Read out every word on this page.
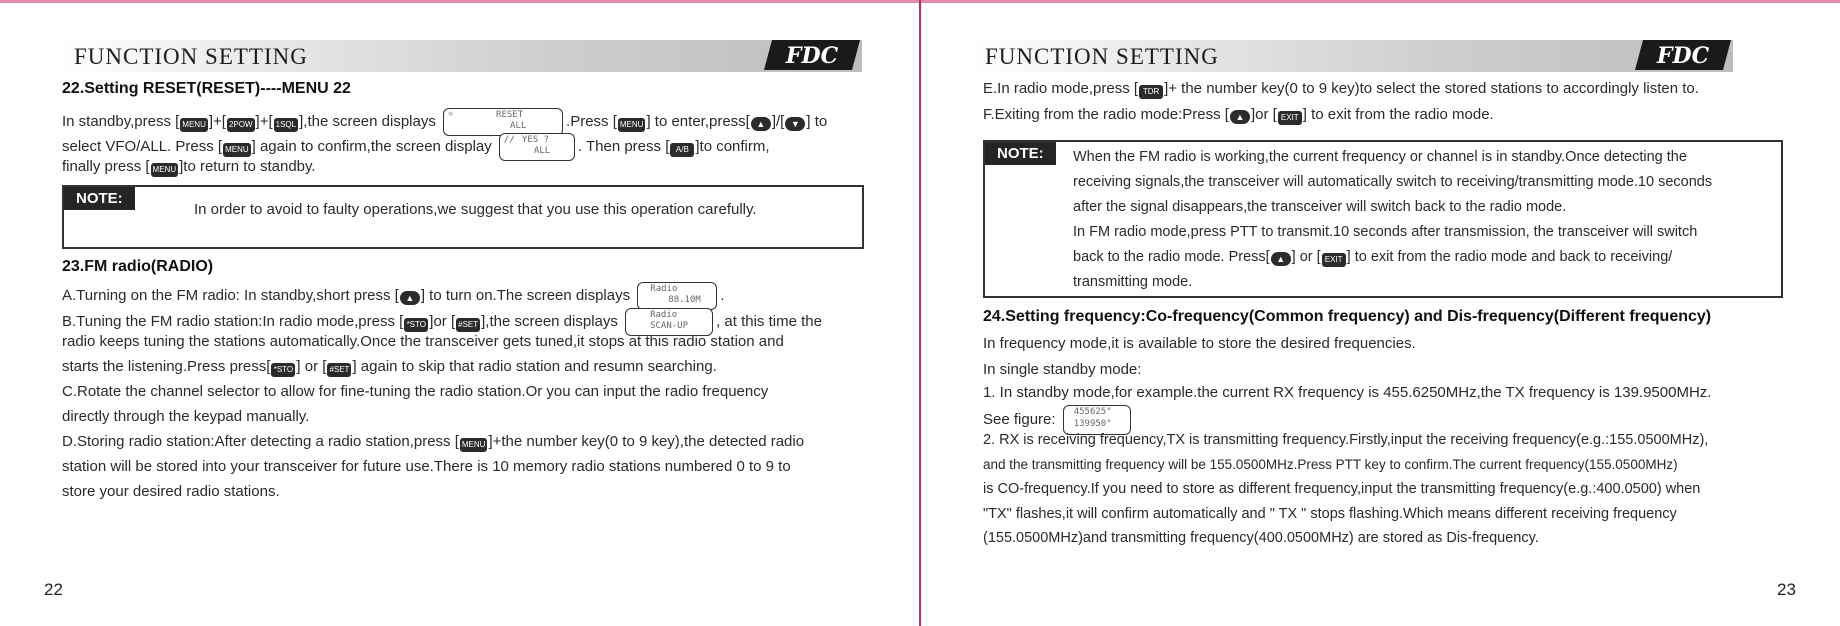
FUNCTION SETTING	FDC
22.Setting RESET(RESET)----MENU 22
In standby,press [ MENU ]+[ 2POW ]+[ 1SQL ],the screen displays ☼	RESET
ALL	.Press [ MENU ] to enter,press[ ▲ ]/[ ▼ ] to
select VFO/ALL. Press [ MENU ] again to confirm,the screen display // YES ?
ALL . Then press [ A/B ]to confirm,
finally press [ MENU ]to return to standby.
NOTE:
In order to avoid to faulty operations,we suggest that you use this operation carefully.
23.FM radio(RADIO)
A.Turning on the FM radio: In standby,short press [ ▲ ] to turn on.The screen displays Radio
88.10M .
B.Tuning the FM radio station:In radio mode,press [ *STO ]or [ #SET ],the screen displays	Radio
SCAN-UP , at this time the
radio keeps tuning the stations automatically.Once the transceiver gets tuned,it stops at this radio station and
starts the listening.Press press[ *STO ] or [ #SET ] again to skip that radio station and resumn searching.
C.Rotate the channel selector to allow for fine-tuning the radio station.Or you can input the radio frequency
directly through the keypad manually.
D.Storing radio station:After detecting a radio station,press [ MENU ]+the number key(0 to 9 key),the detected radio
station will be stored into your transceiver for future use.There is 10 memory radio stations numbered 0 to 9 to
store your desired radio stations.
22
FUNCTION SETTING	FDC
E.In radio mode,press [ TDR ]+ the number key(0 to 9 key)to select the stored stations to accordingly listen to.
F.Exiting from the radio mode:Press [ ▲ ]or [ EXIT ] to exit from the radio mode.
NOTE:	When the FM radio is working,the current frequency or channel is in standby.Once detecting the
receiving signals,the transceiver will automatically switch to receiving/transmitting mode.10 seconds
after the signal disappears,the transceiver will switch back to the radio mode.
In FM radio mode,press PTT to transmit.10 seconds after transmission, the transceiver will switch
back to the radio mode. Press[ ▲ ] or [ EXIT ] to exit from the radio mode and back to receiving/
transmitting mode.
24.Setting frequency:Co-frequency(Common frequency) and Dis-frequency(Different frequency)
In frequency mode,it is available to store the desired frequencies.
In single standby mode:
1. In standby mode,for example.the current RX frequency is 455.6250MHz,the TX frequency is 139.9500MHz.
See figure: 455625°
139950°
2. RX is receiving frequency,TX is transmitting frequency.Firstly,input the receiving frequency(e.g.:155.0500MHz),
and the transmitting frequency will be 155.0500MHz.Press PTT key to confirm.The current frequency(155.0500MHz)
is CO-frequency.If you need to store as different frequency,input the transmitting frequency(e.g.:400.0500) when
"TX" flashes,it will confirm automatically and " TX " stops flashing.Which means different receiving frequency
(155.0500MHz)and transmitting frequency(400.0500MHz) are stored as Dis-frequency.
23
